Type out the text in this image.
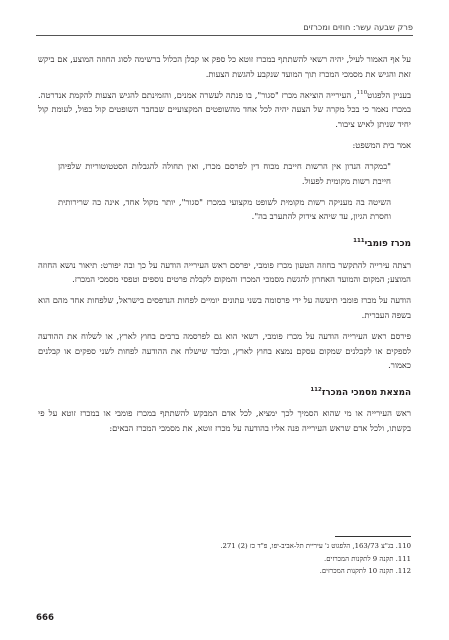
פרק שבעה עשר: חוזים ומכרזים

על אף האמור לעיל, יהיה רשאי להשתתף במכרז זוטא כל ספק או קבלן הכלול ברשימה לסוג החוזה המוצע, אם ביקש זאת והגיש את מסמכי המכרז תוך המועד שנקבע להגשת הצעות.

בעניין הלפגוט$^{110}$, העירייה הוציאה מכרז "סגור", בו פנתה לעשרה אמנים, והזמינתם להגיש הצעות להקמת אנדרטה. במכרז נאמר כי בכל מקרה של הצעה יהיה לכל אחד מהשופטים המקצועיים שבחבר השופטים קול כפול, לעומת קול יחיד שניתן לאיש ציבור.

אמר בית המשפט:

"במקרה הנדון אין הרשות חייבת מכוח דין לפרסם מכרז, ואין תחולה להגבלות הסטטוטוריות שלפיהן חייבת רשות מקומית לפעול.

השיטה בה מעניקה רשות מקומית לשופט מקצועי במכרז "סגור", יותר מקול אחד, אינה כה שרירותית וחסרת הגיון, עד שיהא צידוק להתערב בה".

מכרז פומבי$^{111}$

רצתה עירייה להתקשר בחוזה הטעון מכרז פומבי, יפרסם ראש העירייה הודעה על כך ובה יפורט: תיאור נושא החוזה המוצע; המקום והמועד האחרון להגשת מסמכי המכרז והמקום לקבלת פרטים נוספים וטפסי מסמכי המכרז.

הודעה על מכרז פומבי תיעשה על ידי פרסומה בשני עתונים יומיים לפחות הנדפסים בישראל, שלפחות אחד מהם הוא בשפה העברית.

פירסם ראש העירייה הודעה על מכרז פומבי, רשאי הוא גם לפרסמה ברבים בחוץ לארץ, או לשלוח את ההודעה לספקים או לקבלנים שמקום עסקם נמצא בחוץ לארץ, ובלבד שישלח את ההודעה לפחות לשני ספקים או קבלנים כאמור.

המצאת מסמכי המכרז$^{112}$

ראש העירייה או מי שהוא הסמיך לכך ימציא, לכל אדם המבקש להשתתף במכרז פומבי או במכרז זוטא על פי בקשתו, ולכל אדם שראש העירייה פנה אליו בהודעה על מכרז זוטא, את מסמכי המכרז הבאים:

110. בג"צ 163/73, הלפגוט נ' עיריית תל-אביב-יפו, פ"ד כז (2) 271.

111. תקנה 9 לתקנות המכרזים.

112. תקנה 10 לתקנות המכרזים.

666
